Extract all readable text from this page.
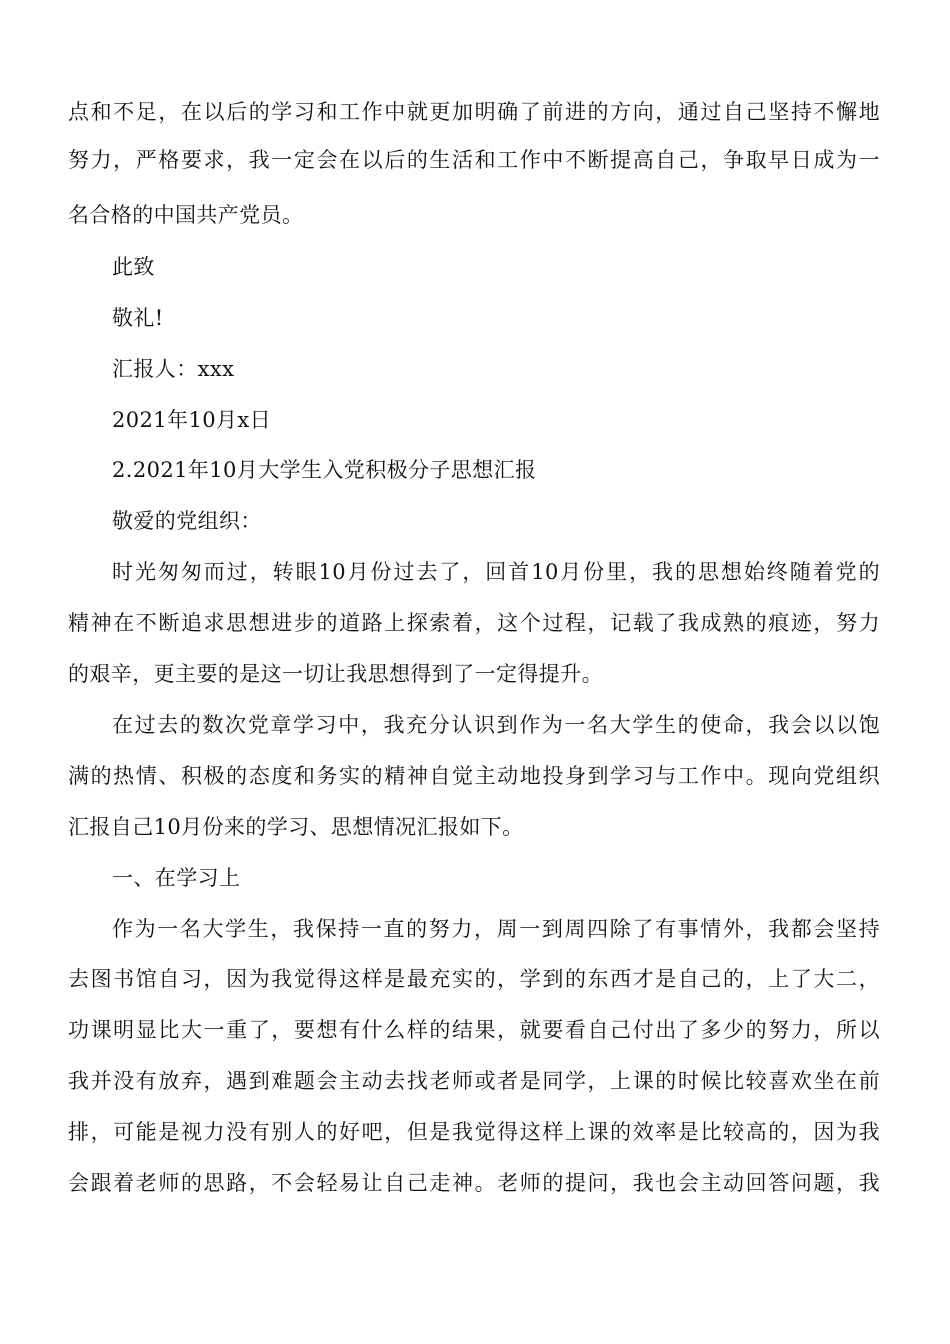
点和不足，在以后的学习和工作中就更加明确了前进的方向，通过自己坚持不懈地
努力，严格要求，我一定会在以后的生活和工作中不断提高自己，争取早日成为一
名合格的中国共产党员。
此致
敬礼!
汇报人：xxx
2021年10月x日
2.2021年10月大学生入党积极分子思想汇报
敬爱的党组织：
时光匆匆而过，转眼10月份过去了，回首10月份里，我的思想始终随着党的
精神在不断追求思想进步的道路上探索着，这个过程，记载了我成熟的痕迹，努力
的艰辛，更主要的是这一切让我思想得到了一定得提升。
在过去的数次党章学习中，我充分认识到作为一名大学生的使命，我会以以饱
满的热情、积极的态度和务实的精神自觉主动地投身到学习与工作中。现向党组织
汇报自己10月份来的学习、思想情况汇报如下。
一、在学习上
作为一名大学生，我保持一直的努力，周一到周四除了有事情外，我都会坚持
去图书馆自习，因为我觉得这样是最充实的，学到的东西才是自己的，上了大二，
功课明显比大一重了，要想有什么样的结果，就要看自己付出了多少的努力，所以
我并没有放弃，遇到难题会主动去找老师或者是同学，上课的时候比较喜欢坐在前
排，可能是视力没有别人的好吧，但是我觉得这样上课的效率是比较高的，因为我
会跟着老师的思路，不会轻易让自己走神。老师的提问，我也会主动回答问题，我
